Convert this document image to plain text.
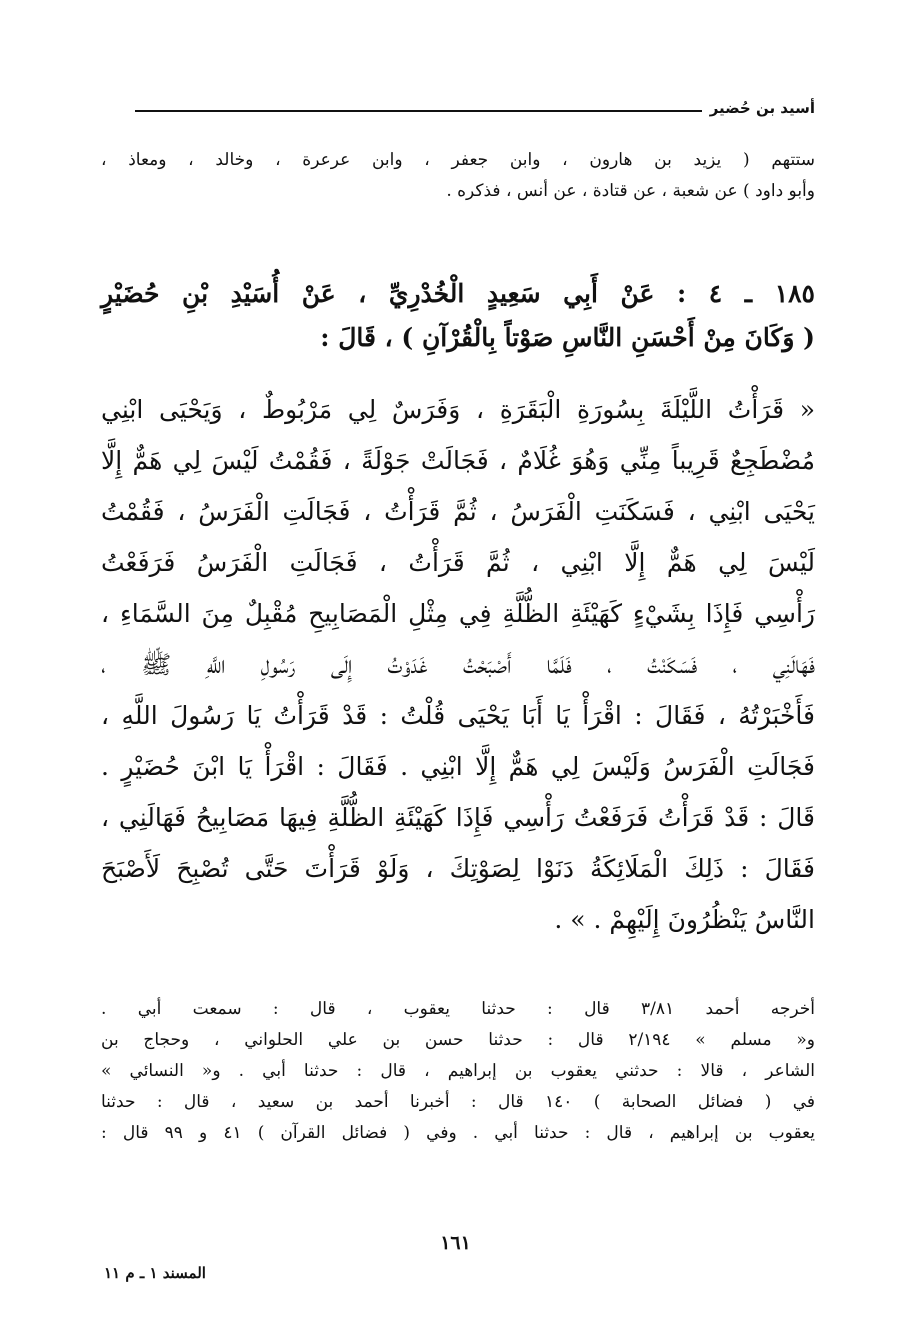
أسيد بن حُضير
ستتهم ( يزيد بن هارون ، وابن جعفر ، وابن عرعرة ، وخالد ، ومعاذ ،
وأبو داود ) عن شعبة ، عن قتادة ، عن أنس ، فذكره .
١٨٥ ـ ٤ : عَنْ أَبِي سَعِيدٍ الْخُدْرِيِّ ، عَنْ أُسَيْدِ بْنِ حُضَيْرٍ
( وَكَانَ مِنْ أَحْسَنِ النَّاسِ صَوْتاً بِالْقُرْآنِ ) ، قَالَ :
« قَرَأْتُ اللَّيْلَةَ بِسُورَةِ الْبَقَرَةِ ، وَفَرَسٌ لِي مَرْبُوطٌ ، وَيَحْيَى ابْنِي
مُضْطَجِعٌ قَرِيباً مِنِّي وَهُوَ غُلَامٌ ، فَجَالَتْ جَوْلَةً ، فَقُمْتُ لَيْسَ لِي هَمٌّ إِلَّا
يَحْيَى ابْنِي ، فَسَكَنَتِ الْفَرَسُ ، ثُمَّ قَرَأْتُ ، فَجَالَتِ الْفَرَسُ ، فَقُمْتُ
لَيْسَ لِي هَمٌّ إِلَّا ابْنِي ، ثُمَّ قَرَأْتُ ، فَجَالَتِ الْفَرَسُ فَرَفَعْتُ
رَأْسِي فَإِذَا بِشَيْءٍ كَهَيْئَةِ الظُّلَّةِ فِي مِثْلِ الْمَصَابِيحِ مُقْبِلٌ مِنَ السَّمَاءِ ،
فَهَالَنِي ، فَسَكَنْتُ ، فَلَمَّا أَصْبَحْتُ غَدَوْتُ إِلَى رَسُولِ اللَّهِ ﷺ ،
فَأَخْبَرْتُهُ ، فَقَالَ : اقْرَأْ يَا أَبَا يَحْيَى قُلْتُ : قَدْ قَرَأْتُ يَا رَسُولَ اللَّهِ ،
فَجَالَتِ الْفَرَسُ وَلَيْسَ لِي هَمٌّ إِلَّا ابْنِي . فَقَالَ : اقْرَأْ يَا ابْنَ حُضَيْرٍ .
قَالَ : قَدْ قَرَأْتُ فَرَفَعْتُ رَأْسِي فَإِذَا كَهَيْئَةِ الظُّلَّةِ فِيهَا مَصَابِيحُ فَهَالَنِي ،
فَقَالَ : ذَلِكَ الْمَلَائِكَةُ دَنَوْا لِصَوْتِكَ ، وَلَوْ قَرَأْتَ حَتَّى تُصْبِحَ لَأَصْبَحَ
النَّاسُ يَنْظُرُونَ إِلَيْهِمْ . » .
أخرجه أحمد ٣/٨١ قال : حدثنا يعقوب ، قال : سمعت أبي .
و« مسلم » ٢/١٩٤ قال : حدثنا حسن بن علي الحلواني ، وحجاج بن
الشاعر ، قالا : حدثني يعقوب بن إبراهيم ، قال : حدثنا أبي . و« النسائي »
في ( فضائل الصحابة ) ١٤٠ قال : أخبرنا أحمد بن سعيد ، قال : حدثنا
يعقوب بن إبراهيم ، قال : حدثنا أبي . وفي ( فضائل القرآن ) ٤١ و ٩٩ قال :
١٦١
المسند ١ ـ م ١١
